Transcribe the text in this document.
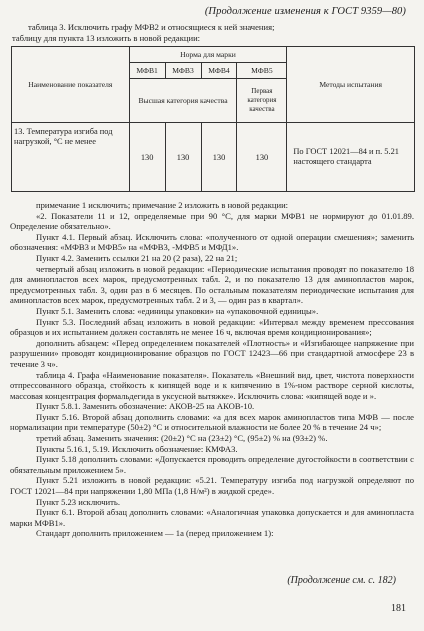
(Продолжение изменения к ГОСТ 9359—80)

таблица 3. Исключить графу МФВ2 и относящиеся к ней значения;

таблицу для пункта 13 изложить в новой редакции:

Наименование показателя	Норма для марки				Методы испытания
	МФВ1	МФВ3	МФВ4	МФВ5	
	Высшая категория качества			Первая категория качества	
13. Температура изгиба под нагрузкой, °С не менее	130	130	130	130	По ГОСТ 12021—84 и п. 5.21 настоящего стандарта

примечание 1 исключить; примечание 2 изложить в новой редакции:

«2. Показатели 11 и 12, определяемые при 90 °С, для марки МФВ1 не нормируют до 01.01.89. Определение обязательно».

Пункт 4.1. Первый абзац. Исключить слова: «полученного от одной операции смешения»; заменить обозначения: «МФВ3 и МФВ5» на «МФВ3, -МФВ5 и МФД1».

Пункт 4.2. Заменить ссылки 21 на 20 (2 раза), 22 на 21;

четвертый абзац изложить в новой редакции: «Периодические испытания проводят по показателю 18 для аминопластов всех марок, предусмотренных табл. 2, и по показателю 13 для аминопластов марок, предусмотренных табл. 3, один раз в 6 месяцев. По остальным показателям периодические испытания для аминопластов всех марок, предусмотренных табл. 2 и 3, — один раз в квартал».

Пункт 5.1. Заменить слова: «единицы упаковки» на «упаковочной единицы».

Пункт 5.3. Последний абзац изложить в новой редакции: «Интервал между временем прессования образцов и их испытанием должен составлять не менее 16 ч, включая время кондиционирования»;

дополнить абзацем: «Перед определением показателей «Плотность» и «Изгибающее напряжение при разрушении» проводят кондиционирование образцов по ГОСТ 12423—66 при стандартной атмосфере 23 в течение 3 ч».

таблица 4. Графа «Наименование показателя». Показатель «Внешний вид, цвет, чистота поверхности отпрессованного образца, стойкость к кипящей воде и к кипячению в 1%-ном растворе серной кислоты, массовая концентрация формальдегида в уксусной вытяжке». Исключить слова: «кипящей воде и ».

Пункт 5.8.1. Заменить обозначение: АКОВ-25 на АКОВ-10.

Пункт 5.16. Второй абзац дополнить словами: «а для всех марок аминопластов типа МФВ — после нормализации при температуре (50±2) °С и относительной влажности не более 20 % в течение 24 ч»;

третий абзац. Заменить значения: (20±2) °С на (23±2) °С, (95±2) % на (93±2) %.

Пункты 5.16.1, 5.19. Исключить обозначение: КМФА3.

Пункт 5.18 дополнить словами: «Допускается проводить определение дугостойкости в соответствии с обязательным приложением 5».

Пункт 5.21 изложить в новой редакции: «5.21. Температуру изгиба под нагрузкой определяют по ГОСТ 12021—84 при напряжении 1,80 МПа (1,8 Н/м²) в жидкой среде».

Пункт 5.23 исключить.

Пункт 6.1. Второй абзац дополнить словами: «Аналогичная упаковка допускается и для аминопласта марки МФВ1».

Стандарт дополнить приложением — 1а (перед приложением 1):

(Продолжение см. с. 182)
181
